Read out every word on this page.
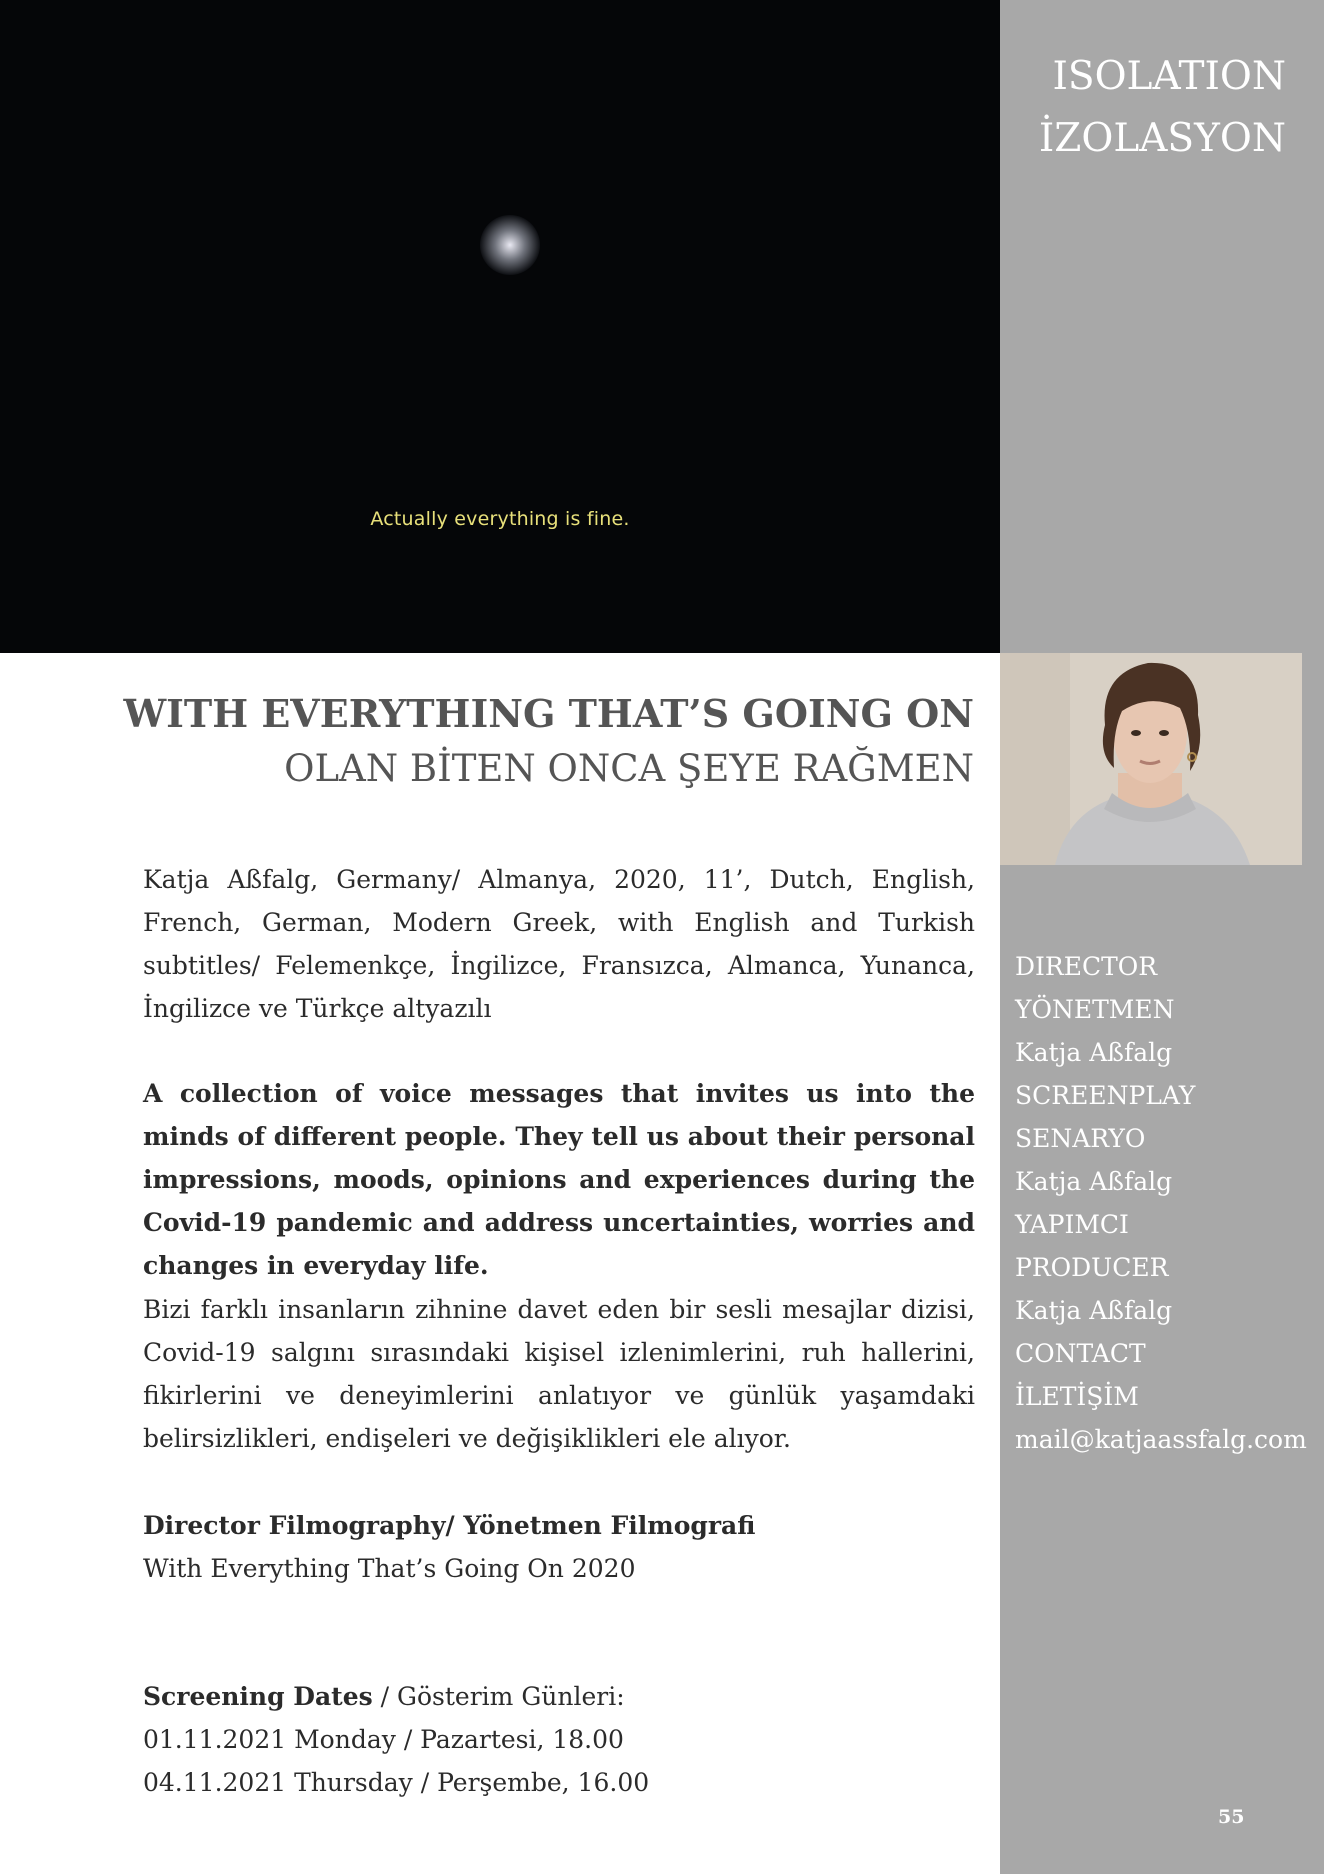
Actually everything is fine.
ISOLATION
İZOLASYON
WITH EVERYTHING THAT’S GOING ON
OLAN BİTEN ONCA ŞEYE RAĞMEN
Katja Aßfalg, Germany/ Almanya, 2020, 11’, Dutch, English, French, German, Modern Greek, with English and Turkish subtitles/ Felemenkçe, İngilizce, Fransızca, Almanca, Yunanca, İngilizce ve Türkçe altyazılı
A collection of voice messages that invites us into the minds of different people. They tell us about their personal impressions, moods, opinions and experiences during the Covid-19 pandemic and address uncertainties, worries and changes in everyday life.
Bizi farklı insanların zihnine davet eden bir sesli mesajlar dizisi, Covid-19 salgını sırasındaki kişisel izlenimlerini, ruh hallerini, fikirlerini ve deneyimlerini anlatıyor ve günlük yaşamdaki belirsizlikleri, endişeleri ve değişiklikleri ele alıyor.
Director Filmography/ Yönetmen Filmografi
With Everything That’s Going On 2020
Screening Dates / Gösterim Günleri:
01.11.2021 Monday / Pazartesi, 18.00
04.11.2021 Thursday / Perşembe, 16.00
DIRECTOR
YÖNETMEN
Katja Aßfalg
SCREENPLAY
SENARYO
Katja Aßfalg
YAPIMCI
PRODUCER
Katja Aßfalg
CONTACT
İLETİŞİM
mail@katjaassfalg.com
55
